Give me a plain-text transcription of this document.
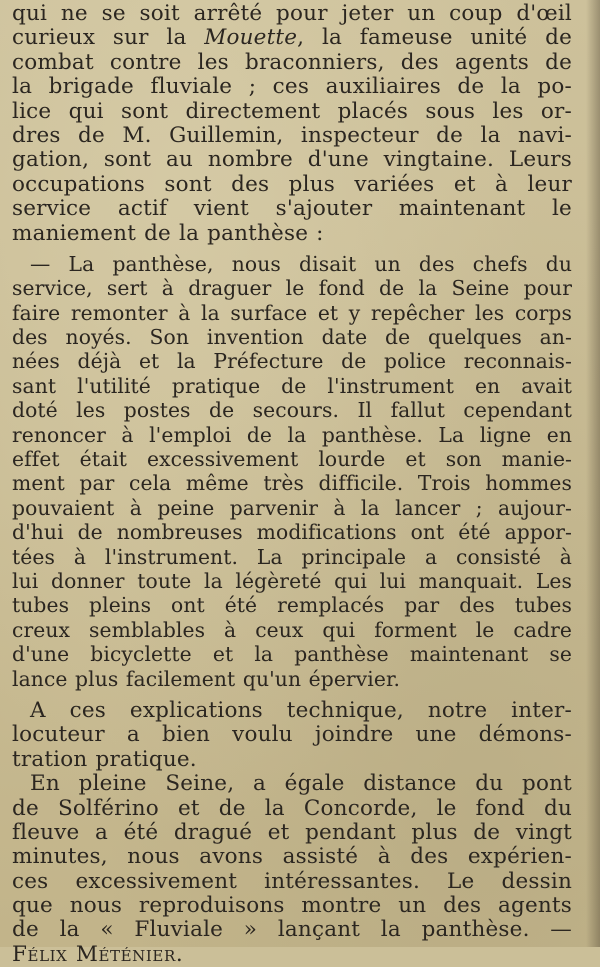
qui ne se soit arrêté pour jeter un coup d'œil
curieux sur la Mouette, la fameuse unité de
combat contre les braconniers, des agents de
la brigade fluviale ; ces auxiliaires de la po-
lice qui sont directement placés sous les or-
dres de M. Guillemin, inspecteur de la navi-
gation, sont au nombre d'une vingtaine. Leurs
occupations sont des plus variées et à leur
service actif vient s'ajouter maintenant le
maniement de la panthèse :
— La panthèse, nous disait un des chefs du
service, sert à draguer le fond de la Seine pour
faire remonter à la surface et y repêcher les corps
des noyés. Son invention date de quelques an-
nées déjà et la Préfecture de police reconnais-
sant l'utilité pratique de l'instrument en avait
doté les postes de secours. Il fallut cependant
renoncer à l'emploi de la panthèse. La ligne en
effet était excessivement lourde et son manie-
ment par cela même très difficile. Trois hommes
pouvaient à peine parvenir à la lancer ; aujour-
d'hui de nombreuses modifications ont été appor-
tées à l'instrument. La principale a consisté à
lui donner toute la légèreté qui lui manquait. Les
tubes pleins ont été remplacés par des tubes
creux semblables à ceux qui forment le cadre
d'une bicyclette et la panthèse maintenant se
lance plus facilement qu'un épervier.
A ces explications technique, notre inter-
locuteur a bien voulu joindre une démons-
tration pratique.
En pleine Seine, a égale distance du pont
de Solférino et de la Concorde, le fond du
fleuve a été dragué et pendant plus de vingt
minutes, nous avons assisté à des expérien-
ces excessivement intéressantes. Le dessin
que nous reproduisons montre un des agents
de la « Fluviale » lançant la panthèse. —
Félix Méténier.
